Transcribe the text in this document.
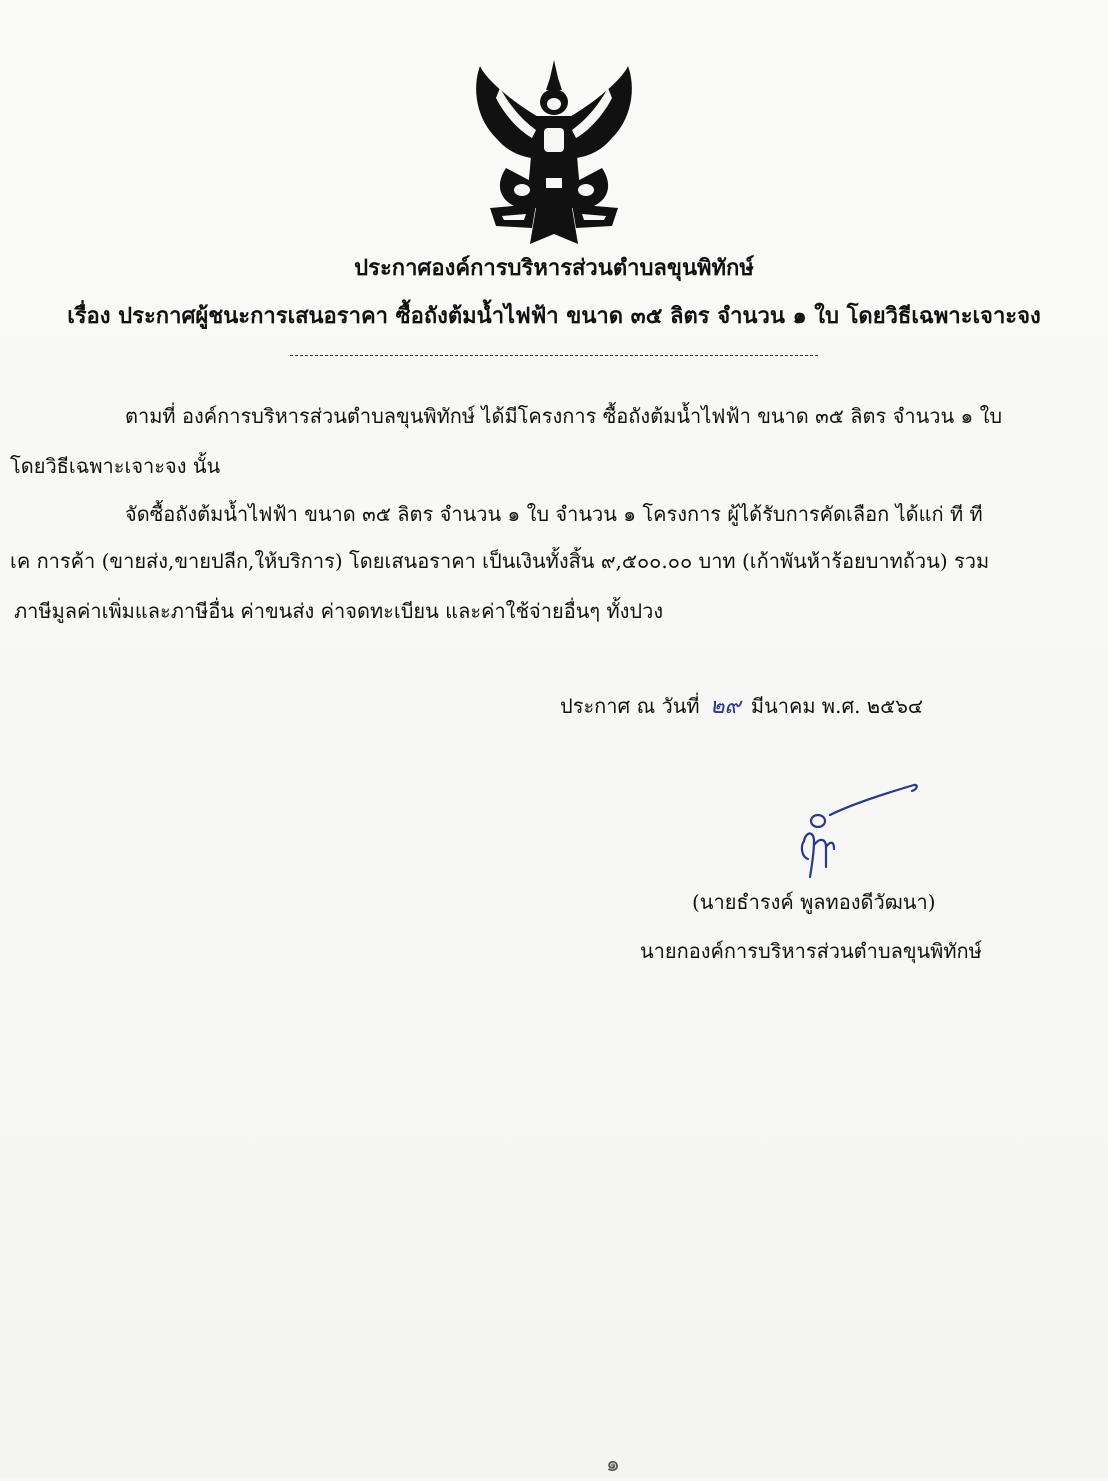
ประกาศองค์การบริหารส่วนตำบลขุนพิทักษ์
เรื่อง ประกาศผู้ชนะการเสนอราคา ซื้อถังต้มน้ำไฟฟ้า ขนาด ๓๕ ลิตร จำนวน ๑ ใบ โดยวิธีเฉพาะเจาะจง
ตามที่ องค์การบริหารส่วนตำบลขุนพิทักษ์ ได้มีโครงการ ซื้อถังต้มน้ำไฟฟ้า ขนาด ๓๕ ลิตร จำนวน ๑ ใบ
โดยวิธีเฉพาะเจาะจง นั้น
จัดซื้อถังต้มน้ำไฟฟ้า ขนาด ๓๕ ลิตร จำนวน ๑ ใบ จำนวน ๑ โครงการ ผู้ได้รับการคัดเลือก ได้แก่ ที ที
เค การค้า (ขายส่ง,ขายปลีก,ให้บริการ) โดยเสนอราคา เป็นเงินทั้งสิ้น ๙,๕๐๐.๐๐ บาท (เก้าพันห้าร้อยบาทถ้วน) รวม
ภาษีมูลค่าเพิ่มและภาษีอื่น ค่าขนส่ง ค่าจดทะเบียน และค่าใช้จ่ายอื่นๆ ทั้งปวง
ประกาศ ณ วันที่ ๒๙ มีนาคม พ.ศ. ๒๕๖๔
(นายธำรงค์ พูลทองดีวัฒนา)
นายกองค์การบริหารส่วนตำบลขุนพิทักษ์
๑
